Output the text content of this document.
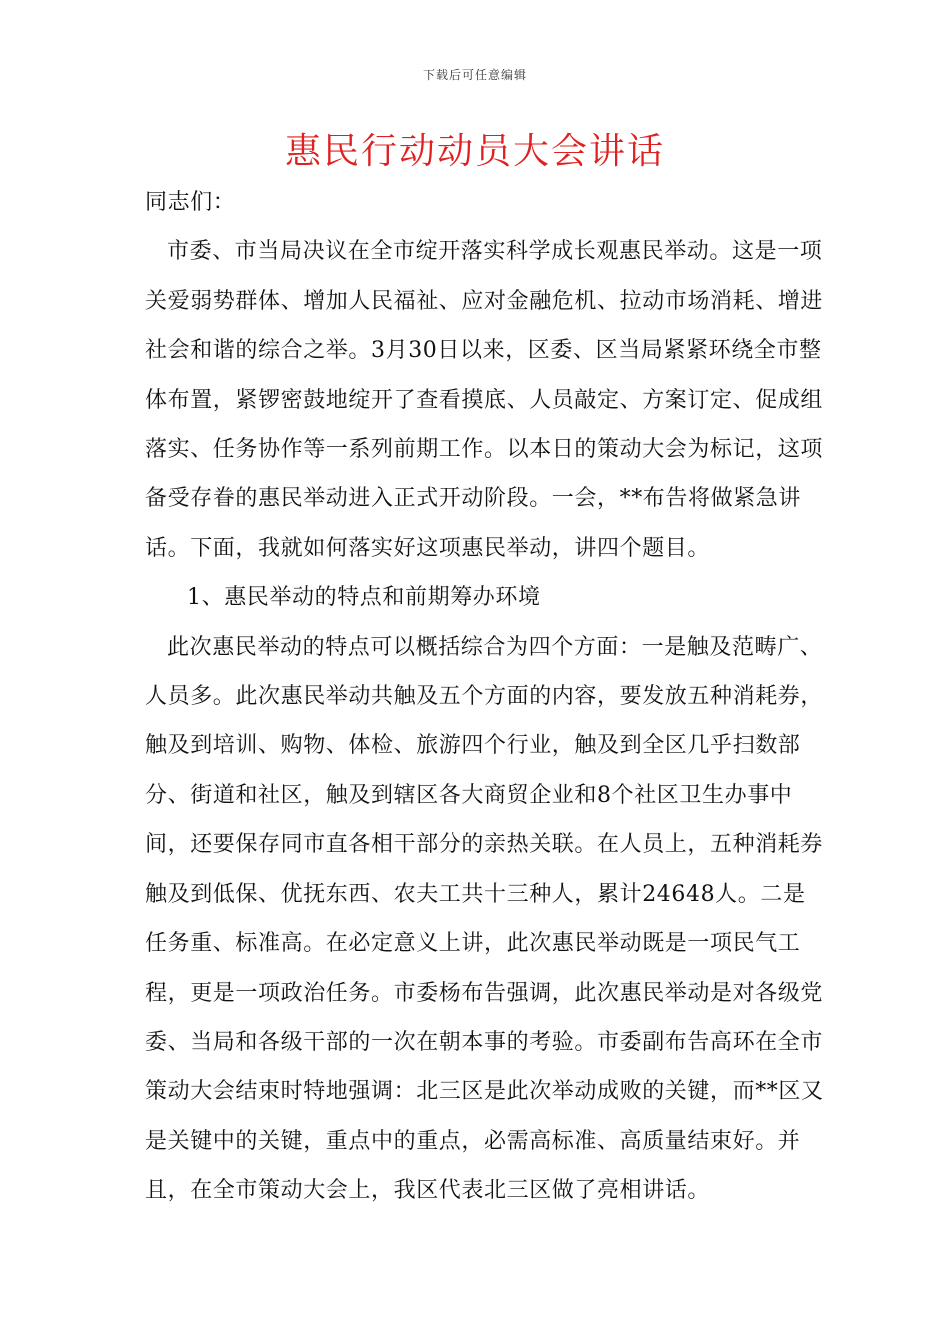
下载后可任意编辑
惠民行动动员大会讲话

同志们：

市委、市当局决议在全市绽开落实科学成长观惠民举动。这是一项关爱弱势群体、增加人民福祉、应对金融危机、拉动市场消耗、增进社会和谐的综合之举。3月30日以来，区委、区当局紧紧环绕全市整体布置，紧锣密鼓地绽开了查看摸底、人员敲定、方案订定、促成组落实、任务协作等一系列前期工作。以本日的策动大会为标记，这项备受存眷的惠民举动进入正式开动阶段。一会，**布告将做紧急讲话。下面，我就如何落实好这项惠民举动，讲四个题目。

1、惠民举动的特点和前期筹办环境

此次惠民举动的特点可以概括综合为四个方面：一是触及范畴广、人员多。此次惠民举动共触及五个方面的内容，要发放五种消耗券，触及到培训、购物、体检、旅游四个行业，触及到全区几乎扫数部分、街道和社区，触及到辖区各大商贸企业和8个社区卫生办事中间，还要保存同市直各相干部分的亲热关联。在人员上，五种消耗券触及到低保、优抚东西、农夫工共十三种人，累计24648人。二是任务重、标准高。在必定意义上讲，此次惠民举动既是一项民气工程，更是一项政治任务。市委杨布告强调，此次惠民举动是对各级党委、当局和各级干部的一次在朝本事的考验。市委副布告高环在全市策动大会结束时特地强调：北三区是此次举动成败的关键，而**区又是关键中的关键，重点中的重点，必需高标准、高质量结束好。并且，在全市策动大会上，我区代表北三区做了亮相讲话。
